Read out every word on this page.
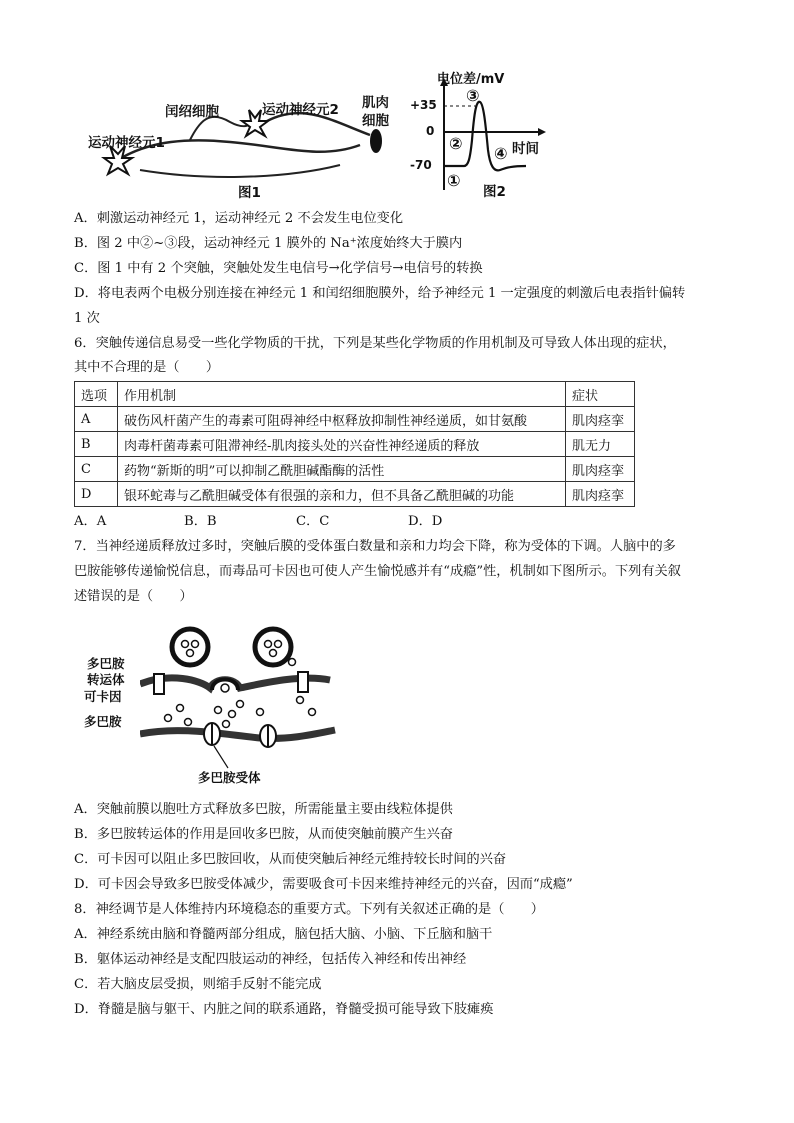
运动神经元1
闰绍细胞	运动神经元2 肌肉
细胞
图1
电位差/mV
时间
+35
0
-70
①
②
③
④
图2
A．刺激运动神经元 1，运动神经元 2 不会发生电位变化
B．图 2 中②~③段，运动神经元 1 膜外的 Na⁺浓度始终大于膜内
C．图 1 中有 2 个突触，突触处发生电信号→化学信号→电信号的转换
D．将电表两个电极分别连接在神经元 1 和闰绍细胞膜外，给予神经元 1 一定强度的刺激后电表指针偏转
1 次
6．突触传递信息易受一些化学物质的干扰，下列是某些化学物质的作用机制及可导致人体出现的症状，
其中不合理的是（　　）
选项	作用机制	症状
A	破伤风杆菌产生的毒素可阻碍神经中枢释放抑制性神经递质，如甘氨酸	肌肉痉挛
B	肉毒杆菌毒素可阻滞神经-肌肉接头处的兴奋性神经递质的释放	肌无力
C	药物“新斯的明”可以抑制乙酰胆碱酯酶的活性	肌肉痉挛
D	银环蛇毒与乙酰胆碱受体有很强的亲和力，但不具备乙酰胆碱的功能	肌肉痉挛
A．A	B．B	C．C	D．D
7．当神经递质释放过多时，突触后膜的受体蛋白数量和亲和力均会下降，称为受体的下调。人脑中的多
巴胺能够传递愉悦信息，而毒品可卡因也可使人产生愉悦感并有“成瘾”性，机制如下图所示。下列有关叙
述错误的是（　　）
多巴胺
转运体
可卡因
多巴胺
多巴胺受体
A．突触前膜以胞吐方式释放多巴胺，所需能量主要由线粒体提供
B．多巴胺转运体的作用是回收多巴胺，从而使突触前膜产生兴奋
C．可卡因可以阻止多巴胺回收，从而使突触后神经元维持较长时间的兴奋
D．可卡因会导致多巴胺受体减少，需要吸食可卡因来维持神经元的兴奋，因而“成瘾”
8．神经调节是人体维持内环境稳态的重要方式。下列有关叙述正确的是（　　）
A．神经系统由脑和脊髓两部分组成，脑包括大脑、小脑、下丘脑和脑干
B．躯体运动神经是支配四肢运动的神经，包括传入神经和传出神经
C．若大脑皮层受损，则缩手反射不能完成
D．脊髓是脑与躯干、内脏之间的联系通路，脊髓受损可能导致下肢瘫痪
